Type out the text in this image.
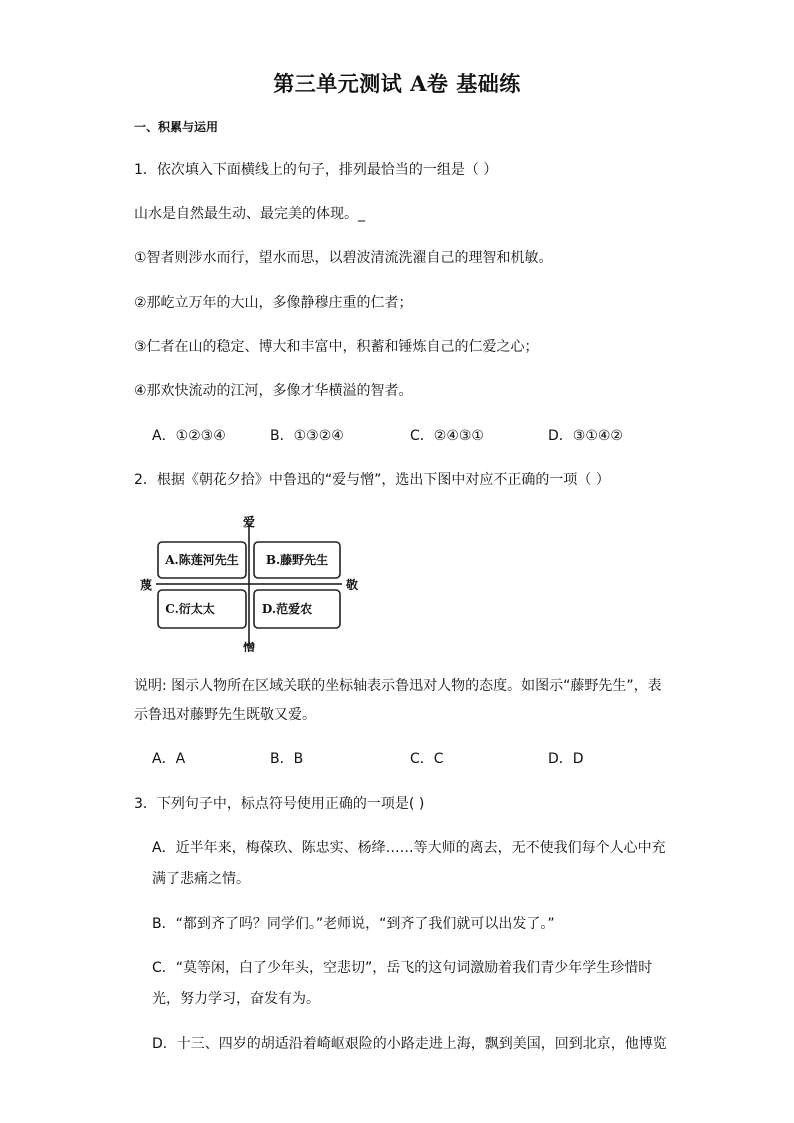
第三单元测试 A卷 基础练
一、积累与运用
1．依次填入下面横线上的句子，排列最恰当的一组是（ ）
山水是自然最生动、最完美的体现。_
①智者则涉水而行，望水而思，以碧波清流洗濯自己的理智和机敏。
②那屹立万年的大山，多像静穆庄重的仁者；
③仁者在山的稳定、博大和丰富中，积蓄和锤炼自己的仁爱之心；
④那欢快流动的江河，多像才华横溢的智者。
A．①②③④	B．①③②④	C．②④③①	D．③①④②
2．根据《朝花夕拾》中鲁迅的“爱与憎”，选出下图中对应不正确的一项（ ）
爱
憎
蔑	敬
A.陈莲河先生 B.藤野先生
C.衍太太	D.范爱农
说明: 图示人物所在区域关联的坐标轴表示鲁迅对人物的态度。如图示“藤野先生”，表
示鲁迅对藤野先生既敬又爱。
A．A	B．B	C．C	D．D
3．下列句子中，标点符号使用正确的一项是( )
A．近半年来，梅葆玖、陈忠实、杨绛……等大师的离去，无不使我们每个人心中充
满了悲痛之情。
B．“都到齐了吗？同学们。”老师说，“到齐了我们就可以出发了。”
C．“莫等闲，白了少年头，空悲切”，岳飞的这句词激励着我们青少年学生珍惜时
光，努力学习，奋发有为。
D．十三、四岁的胡适沿着崎岖艰险的小路走进上海，飘到美国，回到北京，他博览
